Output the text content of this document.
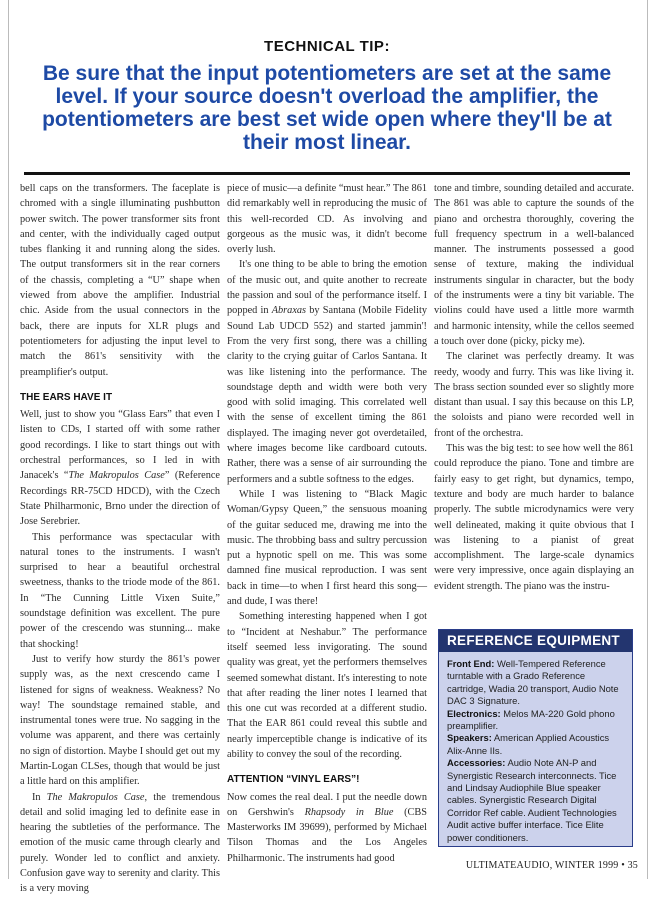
TECHNICAL TIP:
Be sure that the input potentiometers are set at the same level. If your source doesn't overload the amplifier, the potentiometers are best set wide open where they'll be at their most linear.

bell caps on the transformers. The faceplate is chromed with a single illuminating pushbutton power switch. The power transformer sits front and center, with the individually caged output tubes flanking it and running along the sides. The output transformers sit in the rear corners of the chassis, completing a “U” shape when viewed from above the amplifier. Industrial chic. Aside from the usual connectors in the back, there are inputs for XLR plugs and potentiometers for adjusting the input level to match the 861's sensitivity with the preamplifier's output.

THE EARS HAVE IT

Well, just to show you “Glass Ears” that even I listen to CDs, I started off with some rather good recordings. I like to start things out with orchestral performances, so I led in with Janacek's “The Makropulos Case” (Reference Recordings RR-75CD HDCD), with the Czech State Philharmonic, Brno under the direction of Jose Serebrier.

This performance was spectacular with natural tones to the instruments. I wasn't surprised to hear a beautiful orchestral sweetness, thanks to the triode mode of the 861. In “The Cunning Little Vixen Suite,” soundstage definition was excellent. The pure power of the crescendo was stunning... make that shocking!

Just to verify how sturdy the 861's power supply was, as the next crescendo came I listened for signs of weakness. Weakness? No way! The soundstage remained stable, and instrumental tones were true. No sagging in the volume was apparent, and there was certainly no sign of distortion. Maybe I should get out my Martin-Logan CLSes, though that would be just a little hard on this amplifier.

In The Makropulos Case, the tremendous detail and solid imaging led to definite ease in hearing the subtleties of the performance. The emotion of the music came through clearly and purely. Wonder led to conflict and anxiety. Confusion gave way to serenity and clarity. This is a very moving

piece of music—a definite “must hear.” The 861 did remarkably well in reproducing the music of this well-recorded CD. As involving and gorgeous as the music was, it didn't become overly lush.

It's one thing to be able to bring the emotion of the music out, and quite another to recreate the passion and soul of the performance itself. I popped in Abraxas by Santana (Mobile Fidelity Sound Lab UDCD 552) and started jammin'! From the very first song, there was a chilling clarity to the crying guitar of Carlos Santana. It was like listening into the performance. The soundstage depth and width were both very good with solid imaging. This correlated well with the sense of excellent timing the 861 displayed. The imaging never got overdetailed, where images become like cardboard cutouts. Rather, there was a sense of air surrounding the performers and a subtle softness to the edges.

While I was listening to “Black Magic Woman/Gypsy Queen,” the sensuous moaning of the guitar seduced me, drawing me into the music. The throbbing bass and sultry percussion put a hypnotic spell on me. This was some damned fine musical reproduction. I was sent back in time—to when I first heard this song—and dude, I was there!

Something interesting happened when I got to “Incident at Neshabur.” The performance itself seemed less invigorating. The sound quality was great, yet the performers themselves seemed somewhat distant. It's interesting to note that after reading the liner notes I learned that this one cut was recorded at a different studio. That the EAR 861 could reveal this subtle and nearly imperceptible change is indicative of its ability to convey the soul of the recording.

ATTENTION “VINYL EARS”!

Now comes the real deal. I put the needle down on Gershwin's Rhapsody in Blue (CBS Masterworks IM 39699), performed by Michael Tilson Thomas and the Los Angeles Philharmonic. The instruments had good

tone and timbre, sounding detailed and accurate. The 861 was able to capture the sounds of the piano and orchestra thoroughly, covering the full frequency spectrum in a well-balanced manner. The instruments possessed a good sense of texture, making the individual instruments singular in character, but the body of the instruments were a tiny bit variable. The violins could have used a little more warmth and harmonic intensity, while the cellos seemed a touch over done (picky, picky me).

The clarinet was perfectly dreamy. It was reedy, woody and furry. This was like living it. The brass section sounded ever so slightly more distant than usual. I say this because on this LP, the soloists and piano were recorded well in front of the orchestra.

This was the big test: to see how well the 861 could reproduce the piano. Tone and timbre are fairly easy to get right, but dynamics, tempo, texture and body are much harder to balance properly. The subtle microdynamics were very well delineated, making it quite obvious that I was listening to a pianist of great accomplishment. The large-scale dynamics were very impressive, once again displaying an evident strength. The piano was the instru-

REFERENCE EQUIPMENT

Front End: Well-Tempered Reference turntable with a Grado Reference cartridge, Wadia 20 transport, Audio Note DAC 3 Signature.

Electronics: Melos MA-220 Gold phono preamplifier.

Speakers: American Applied Acoustics Alix-Anne IIs.

Accessories: Audio Note AN-P and Synergistic Research interconnects. Tice and Lindsay Audiophile Blue speaker cables. Synergistic Research Digital Corridor Ref cable. Audient Technologies Audit active buffer interface. Tice Elite power conditioners.

ULTIMATEAUDIO, WINTER 1999 • 35
